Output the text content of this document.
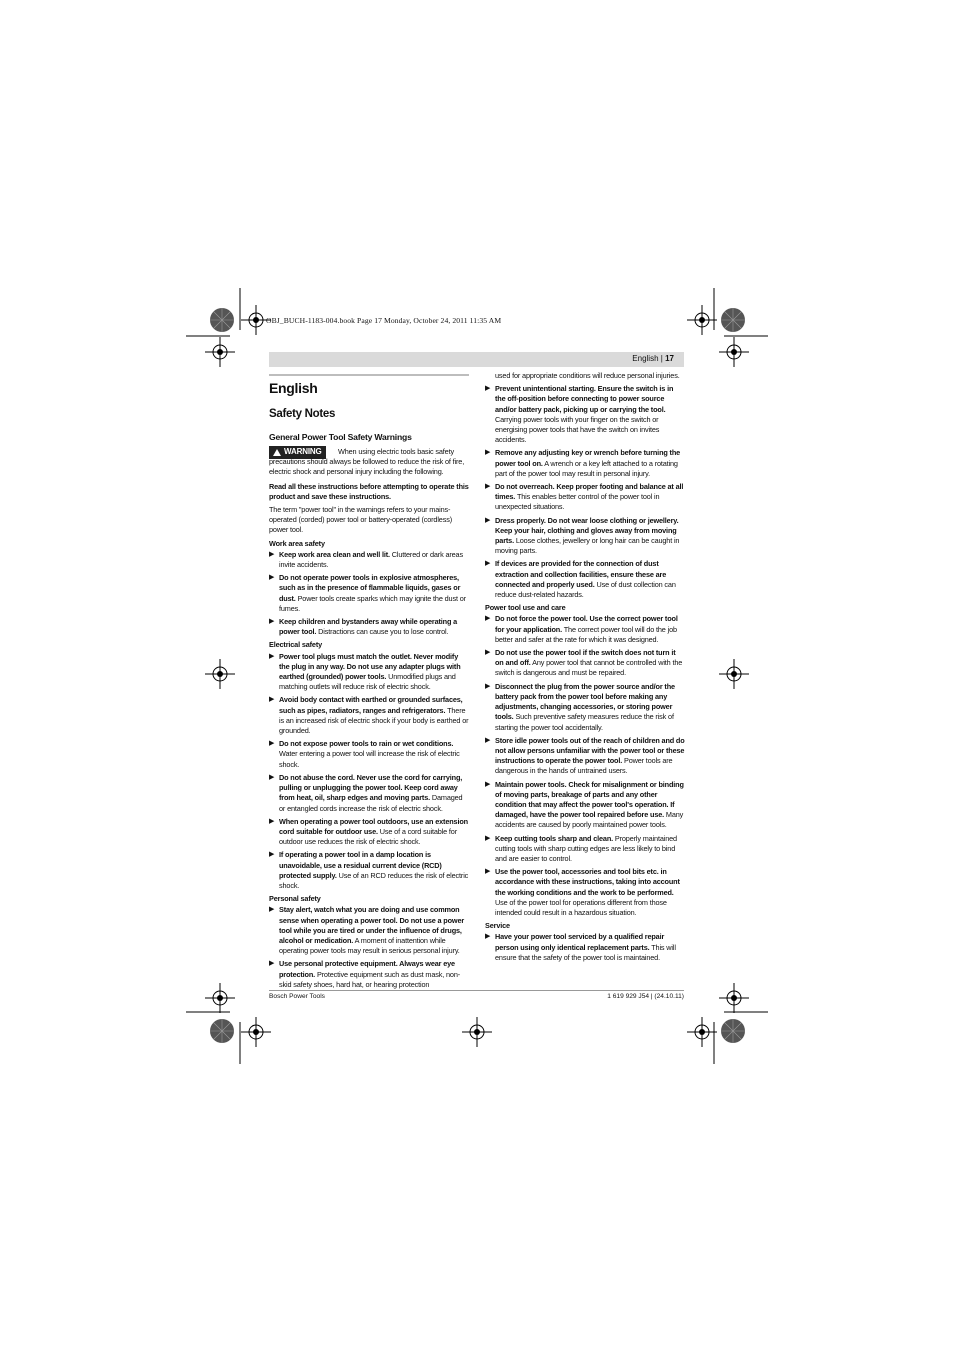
OBJ_BUCH-1183-004.book Page 17 Monday, October 24, 2011 11:35 AM
English | 17
English
Safety Notes
General Power Tool Safety Warnings
WARNING	When using electric tools basic safety precautions should always be followed to reduce the risk of fire, electric shock and personal injury including the following.

Read all these instructions before attempting to operate this product and save these instructions.

The term "power tool" in the warnings refers to your mains-operated (corded) power tool or battery-operated (cordless) power tool.

Work area safety
▶ Keep work area clean and well lit. Cluttered or dark areas invite accidents.
▶ Do not operate power tools in explosive atmospheres, such as in the presence of flammable liquids, gases or dust. Power tools create sparks which may ignite the dust or fumes.
▶ Keep children and bystanders away while operating a power tool. Distractions can cause you to lose control.
Electrical safety
▶ Power tool plugs must match the outlet. Never modify the plug in any way. Do not use any adapter plugs with earthed (grounded) power tools. Unmodified plugs and matching outlets will reduce risk of electric shock.
▶ Avoid body contact with earthed or grounded surfaces, such as pipes, radiators, ranges and refrigerators. There is an increased risk of electric shock if your body is earthed or grounded.
▶ Do not expose power tools to rain or wet conditions. Water entering a power tool will increase the risk of electric shock.
▶ Do not abuse the cord. Never use the cord for carrying, pulling or unplugging the power tool. Keep cord away from heat, oil, sharp edges and moving parts. Damaged or entangled cords increase the risk of electric shock.
▶ When operating a power tool outdoors, use an extension cord suitable for outdoor use. Use of a cord suitable for outdoor use reduces the risk of electric shock.
▶ If operating a power tool in a damp location is unavoidable, use a residual current device (RCD) protected supply. Use of an RCD reduces the risk of electric shock.
Personal safety
▶ Stay alert, watch what you are doing and use common sense when operating a power tool. Do not use a power tool while you are tired or under the influence of drugs, alcohol or medication. A moment of inattention while operating power tools may result in serious personal injury.
▶ Use personal protective equipment. Always wear eye protection. Protective equipment such as dust mask, non-skid safety shoes, hard hat, or hearing protection

used for appropriate conditions will reduce personal injuries.

▶ Prevent unintentional starting. Ensure the switch is in the off-position before connecting to power source and/or battery pack, picking up or carrying the tool. Carrying power tools with your finger on the switch or energising power tools that have the switch on invites accidents.
▶ Remove any adjusting key or wrench before turning the power tool on. A wrench or a key left attached to a rotating part of the power tool may result in personal injury.
▶ Do not overreach. Keep proper footing and balance at all times. This enables better control of the power tool in unexpected situations.
▶ Dress properly. Do not wear loose clothing or jewellery. Keep your hair, clothing and gloves away from moving parts. Loose clothes, jewellery or long hair can be caught in moving parts.
▶ If devices are provided for the connection of dust extraction and collection facilities, ensure these are connected and properly used. Use of dust collection can reduce dust-related hazards.
Power tool use and care
▶ Do not force the power tool. Use the correct power tool for your application. The correct power tool will do the job better and safer at the rate for which it was designed.
▶ Do not use the power tool if the switch does not turn it on and off. Any power tool that cannot be controlled with the switch is dangerous and must be repaired.
▶ Disconnect the plug from the power source and/or the battery pack from the power tool before making any adjustments, changing accessories, or storing power tools. Such preventive safety measures reduce the risk of starting the power tool accidentally.
▶ Store idle power tools out of the reach of children and do not allow persons unfamiliar with the power tool or these instructions to operate the power tool. Power tools are dangerous in the hands of untrained users.
▶ Maintain power tools. Check for misalignment or binding of moving parts, breakage of parts and any other condition that may affect the power tool's operation. If damaged, have the power tool repaired before use. Many accidents are caused by poorly maintained power tools.
▶ Keep cutting tools sharp and clean. Properly maintained cutting tools with sharp cutting edges are less likely to bind and are easier to control.
▶ Use the power tool, accessories and tool bits etc. in accordance with these instructions, taking into account the working conditions and the work to be performed. Use of the power tool for operations different from those intended could result in a hazardous situation.
Service
▶ Have your power tool serviced by a qualified repair person using only identical replacement parts. This will ensure that the safety of the power tool is maintained.
Bosch Power Tools	1 619 929 J54 | (24.10.11)
